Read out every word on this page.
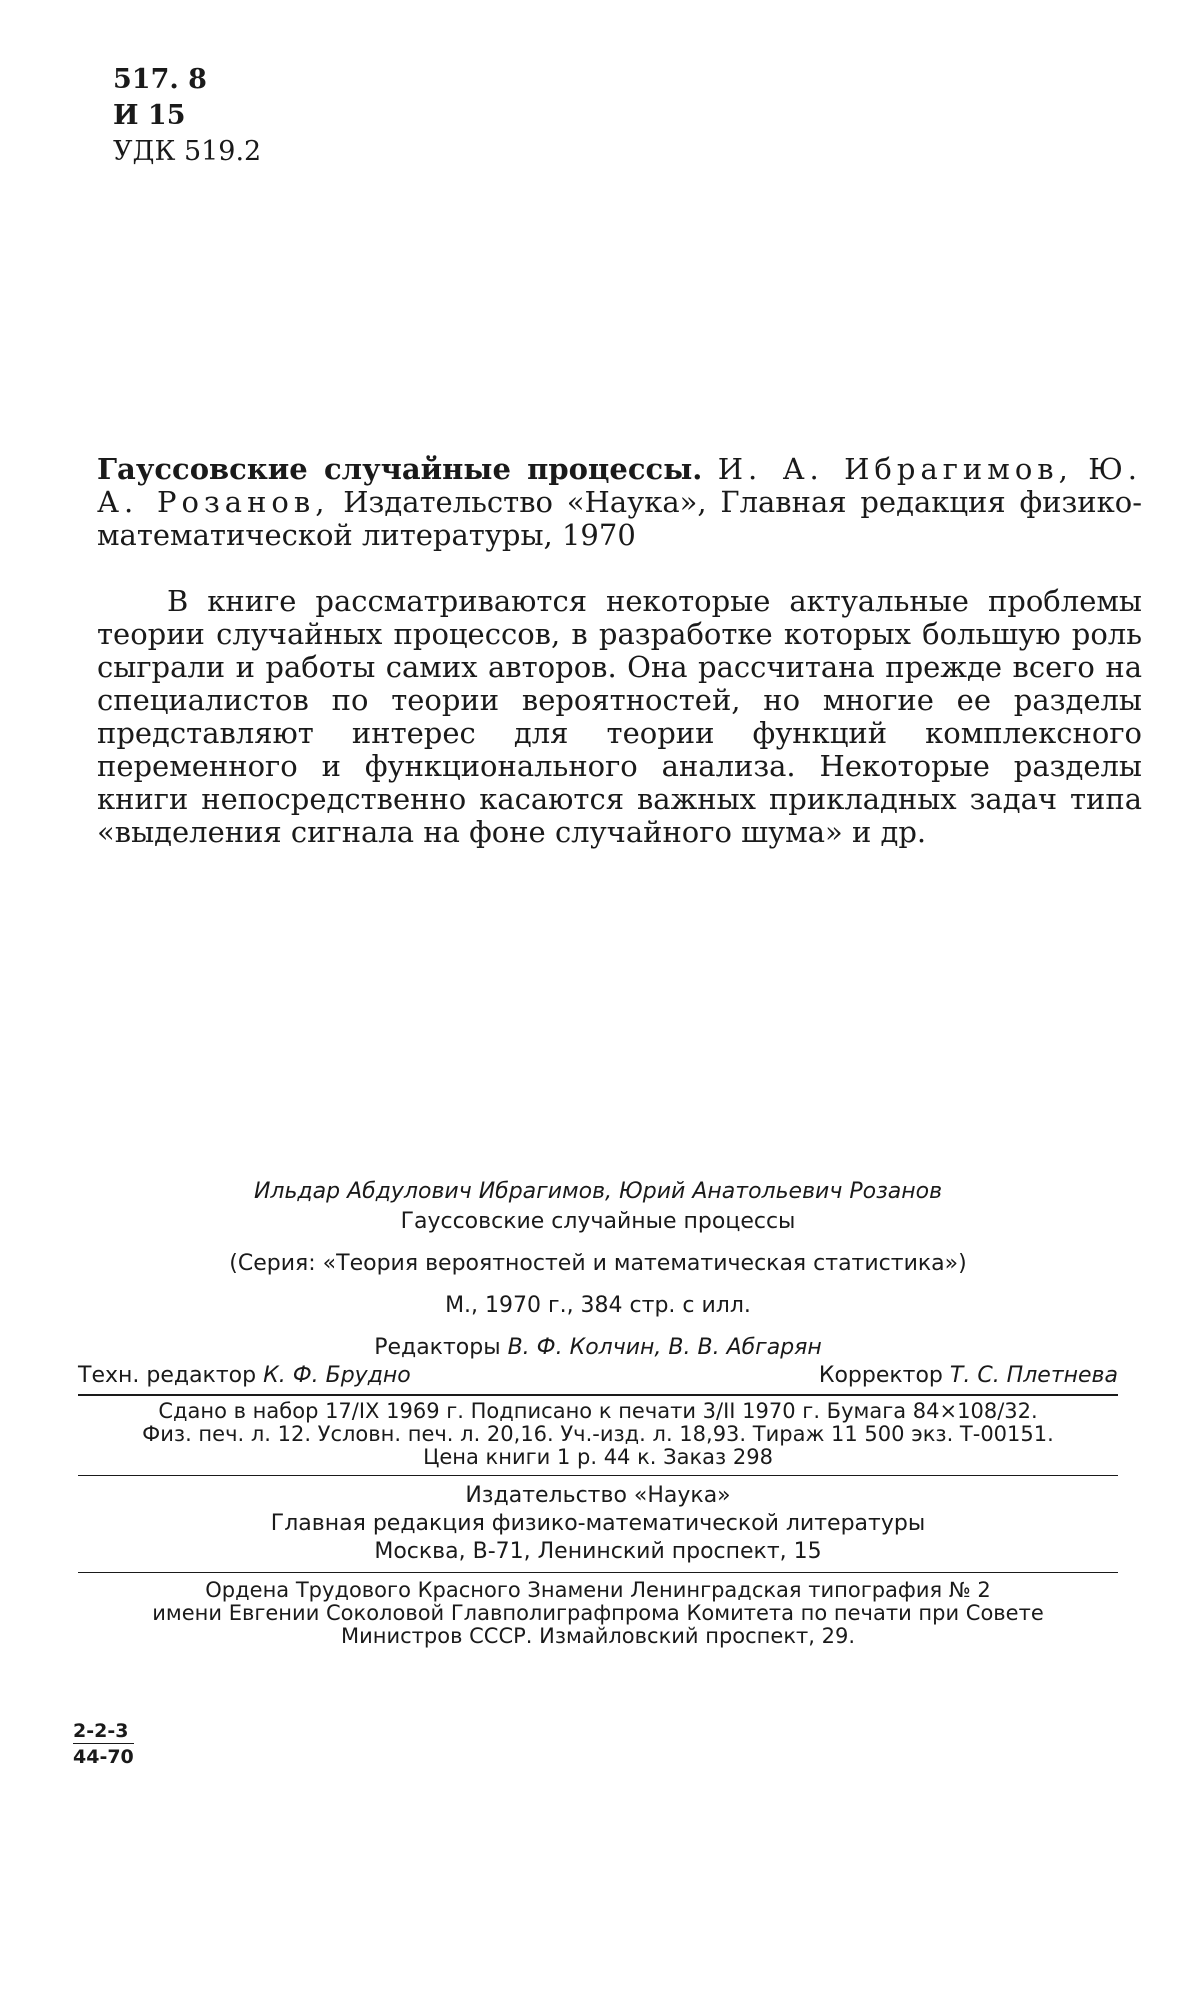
517. 8
И 15
УДК 519.2
Гауссовские случайные процессы. И. А. Ибрагимов, Ю. А. Розанов, Издательство «Наука», Главная редакция физико-математической литературы, 1970

В книге рассматриваются некоторые актуальные проблемы теории случайных процессов, в разработке которых большую роль сыграли и работы самих авторов. Она рассчитана прежде всего на специалистов по теории вероятностей, но многие ее разделы представляют интерес для теории функций комплексного переменного и функционального анализа. Некоторые разделы книги непосредственно касаются важных прикладных задач типа «выделения сигнала на фоне случайного шума» и др.

Ильдар Абдулович Ибрагимов, Юрий Анатольевич Розанов
Гауссовские случайные процессы
(Серия: «Теория вероятностей и математическая статистика»)
М., 1970 г., 384 стр. с илл.
Редакторы В. Ф. Колчин, В. В. Абгарян
Техн. редактор К. Ф. Брудно	Корректор Т. С. Плетнева
Сдано в набор 17/IX 1969 г. Подписано к печати 3/II 1970 г. Бумага 84×108/32.
Физ. печ. л. 12. Условн. печ. л. 20,16. Уч.-изд. л. 18,93. Тираж 11 500 экз. Т-00151.
Цена книги 1 р. 44 к. Заказ 298
Издательство «Наука»
Главная редакция физико-математической литературы
Москва, В-71, Ленинский проспект, 15
Ордена Трудового Красного Знамени Ленинградская типография № 2
имени Евгении Соколовой Главполиграфпрома Комитета по печати при Совете
Министров СССР. Измайловский проспект, 29.
2-2-3
44-70
